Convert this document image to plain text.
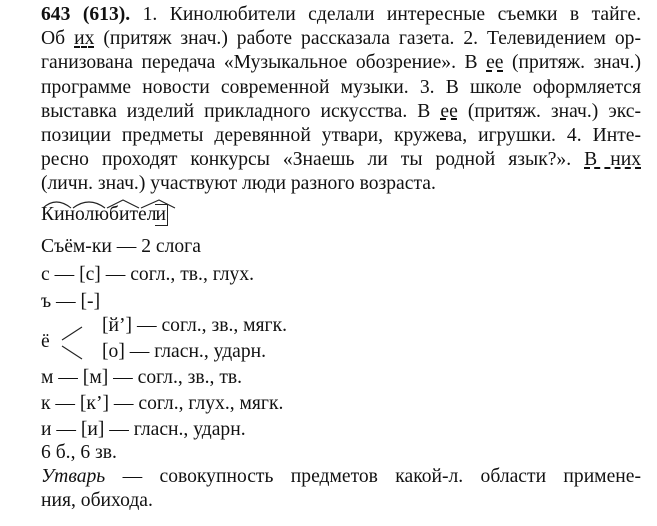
643 (613). 1. Кинолюбители сделали интересные съемки в тайге.
Об их (притяж знач.) работе рассказала газета. 2. Телевидением ор-
ганизована передача «Музыкальное обозрение». В ее (притяж. знач.)
программе новости современной музыки. 3. В школе оформляется
выставка изделий прикладного искусства. В ее (притяж. знач.) экс-
позиции предметы деревянной утвари, кружева, игрушки. 4. Инте-
ресно проходят конкурсы «Знаешь ли ты родной язык?». В них
(личн. знач.) участвуют люди разного возраста.
Кинолюбители
Съём-ки — 2 слога
с — [с] — согл., тв., глух.
ъ — [-]
[й’] — согл., зв., мягк.
ё	[о] — гласн., ударн.
м — [м] — согл., зв., тв.
к — [к’] — согл., глух., мягк.
и — [и] — гласн., ударн.
6 б., 6 зв.
Утварь — совокупность предметов какой-л. области примене-
ния, обихода.
